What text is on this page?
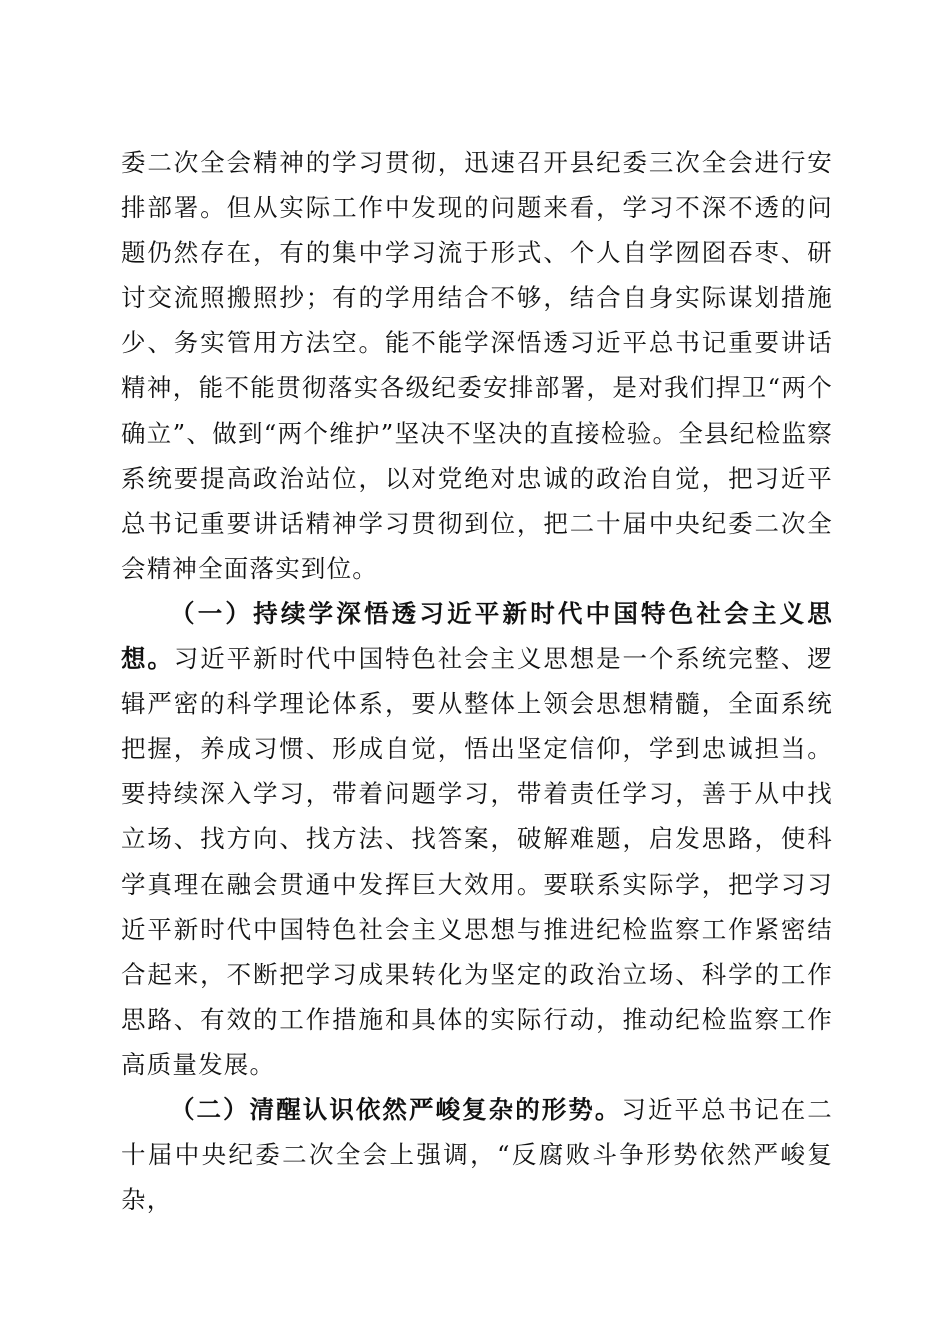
委二次全会精神的学习贯彻，迅速召开县纪委三次全会进行安排部署。但从实际工作中发现的问题来看，学习不深不透的问题仍然存在，有的集中学习流于形式、个人自学囫囵吞枣、研讨交流照搬照抄；有的学用结合不够，结合自身实际谋划措施少、务实管用方法空。能不能学深悟透习近平总书记重要讲话精神，能不能贯彻落实各级纪委安排部署，是对我们捍卫“两个确立”、做到“两个维护”坚决不坚决的直接检验。全县纪检监察系统要提高政治站位，以对党绝对忠诚的政治自觉，把习近平总书记重要讲话精神学习贯彻到位，把二十届中央纪委二次全会精神全面落实到位。

（一）持续学深悟透习近平新时代中国特色社会主义思想。习近平新时代中国特色社会主义思想是一个系统完整、逻辑严密的科学理论体系，要从整体上领会思想精髓，全面系统把握，养成习惯、形成自觉，悟出坚定信仰，学到忠诚担当。要持续深入学习，带着问题学习，带着责任学习，善于从中找立场、找方向、找方法、找答案，破解难题，启发思路，使科学真理在融会贯通中发挥巨大效用。要联系实际学，把学习习近平新时代中国特色社会主义思想与推进纪检监察工作紧密结合起来，不断把学习成果转化为坚定的政治立场、科学的工作思路、有效的工作措施和具体的实际行动，推动纪检监察工作高质量发展。

（二）清醒认识依然严峻复杂的形势。习近平总书记在二十届中央纪委二次全会上强调，“反腐败斗争形势依然严峻复杂，
